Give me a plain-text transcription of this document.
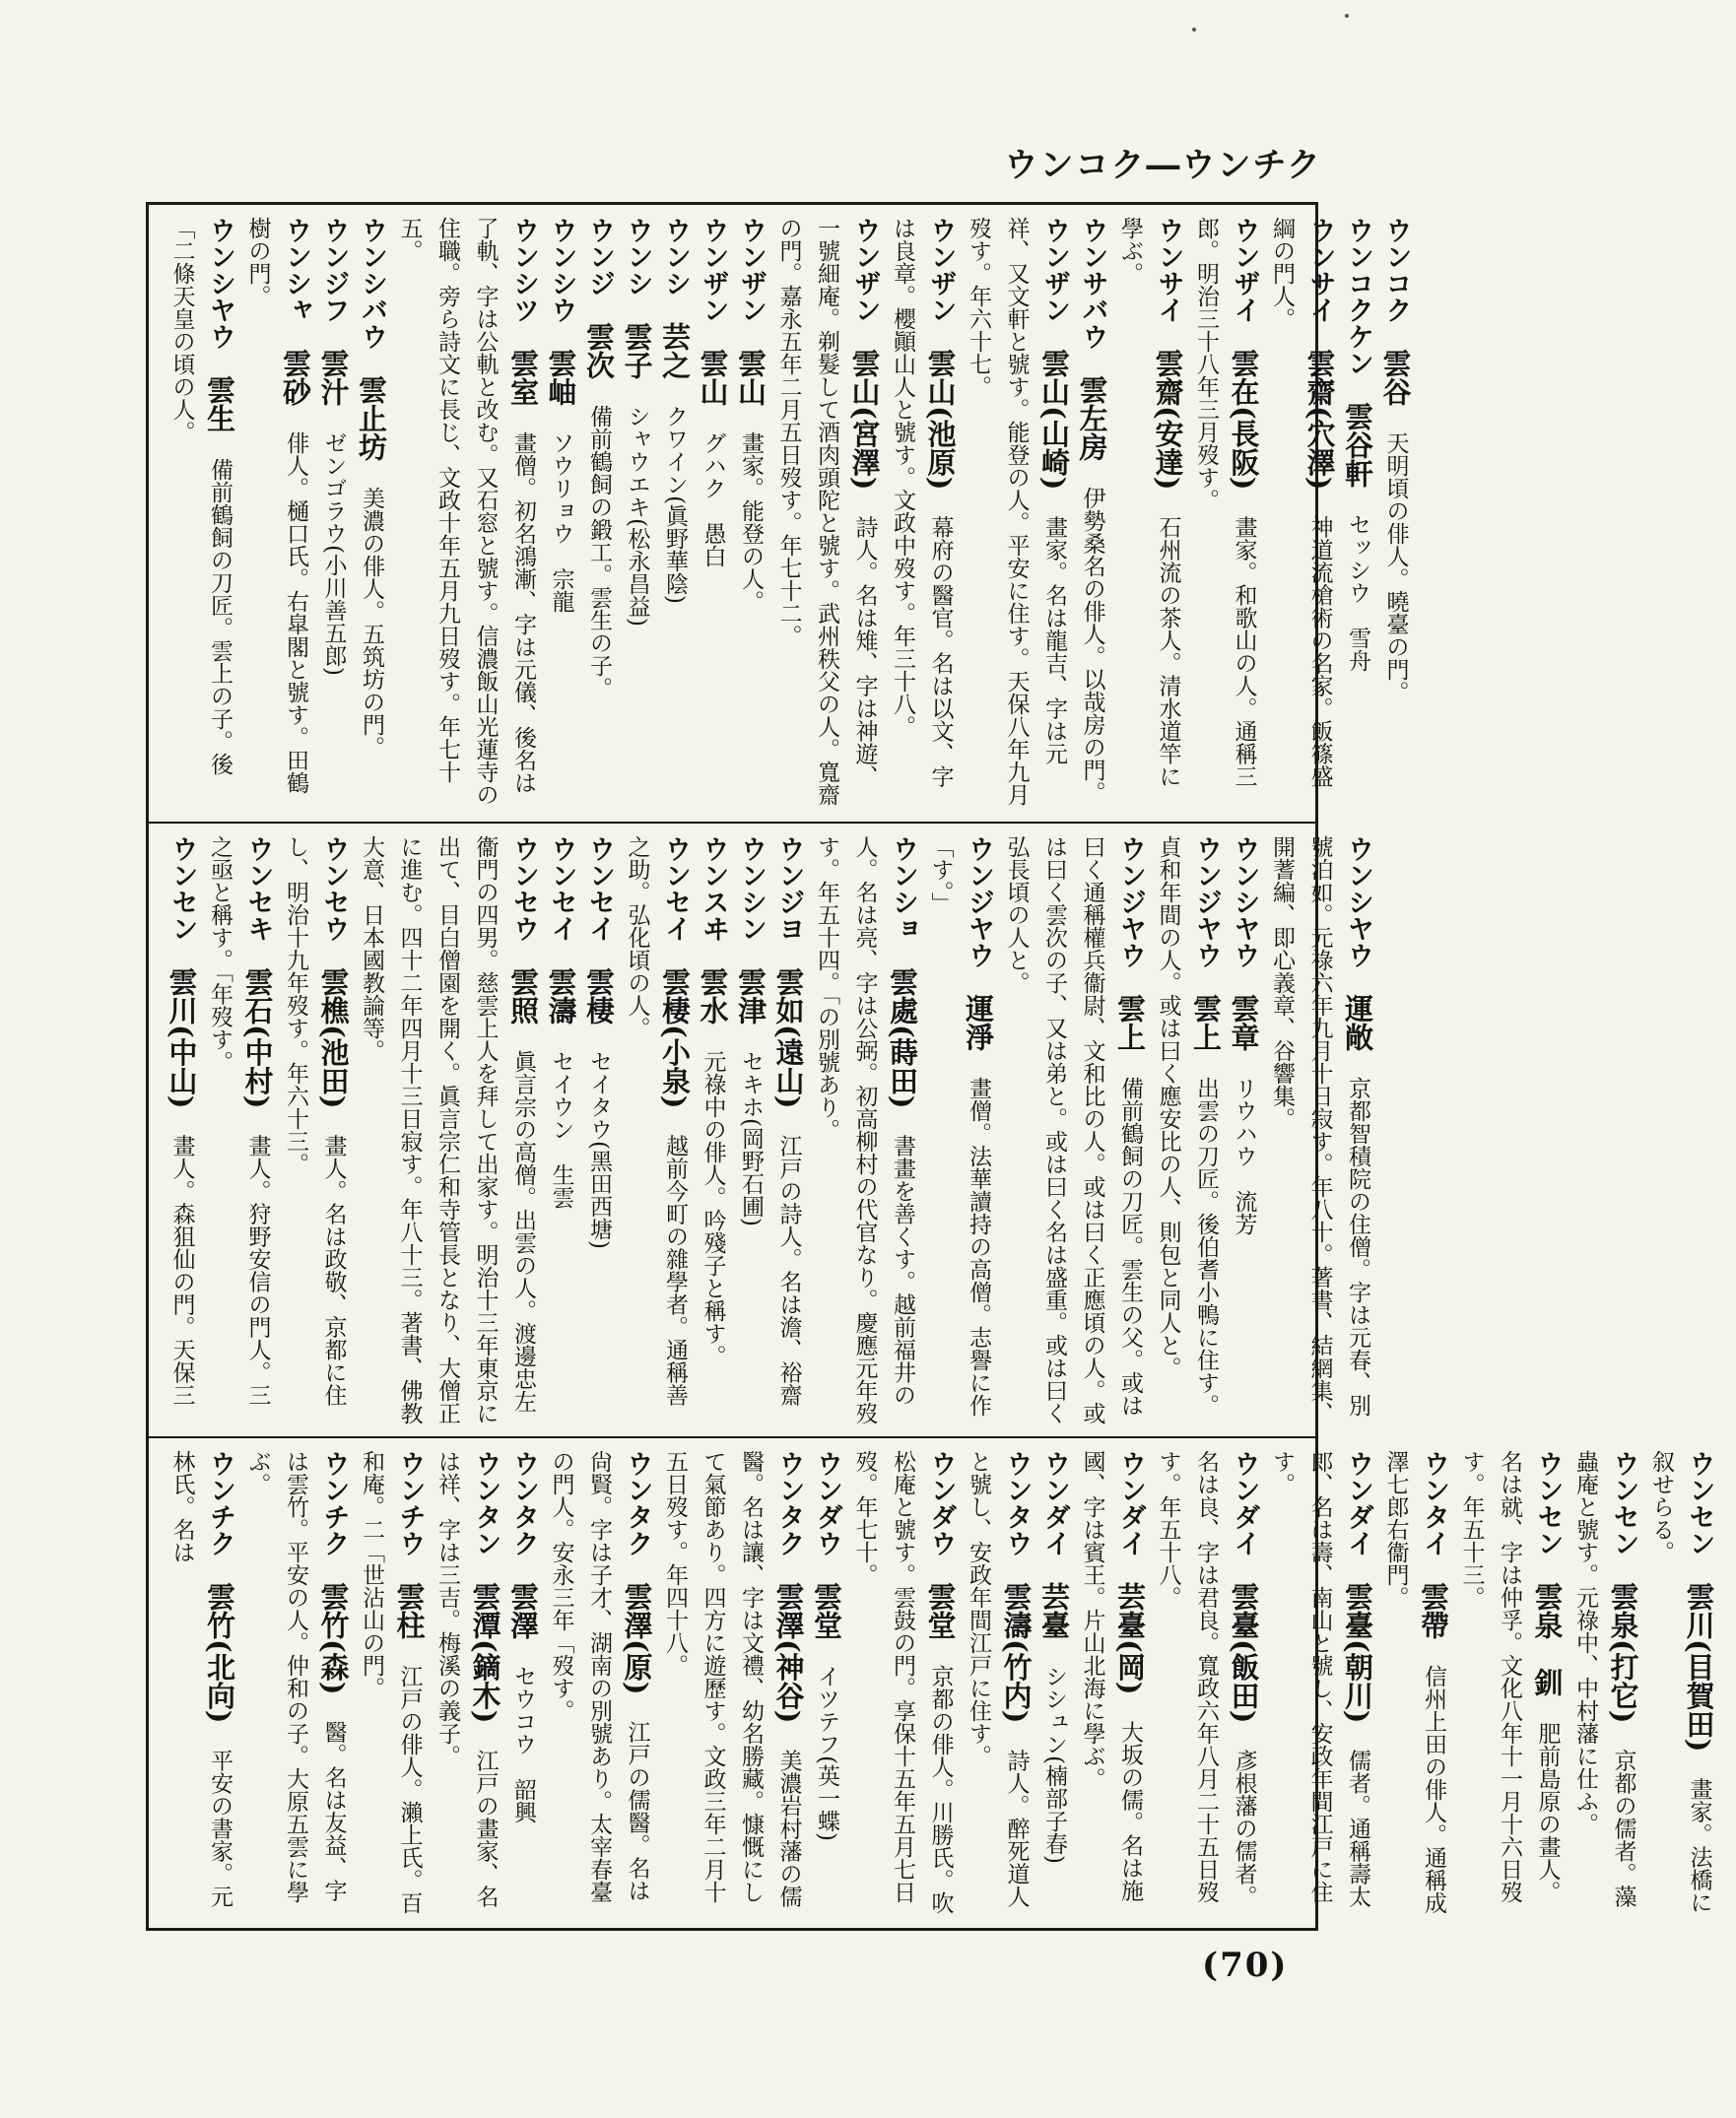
ウンコク―ウンチク
ウンコク　雲谷　天明頃の俳人。曉臺の門。
ウンコクケン　雲谷軒　セッシウ　雪舟
ウンサイ　雲齋(穴澤)　神道流槍術の名家。飯篠盛綱の門人。
ウンザイ　雲在(長阪)　畫家。和歌山の人。通稱三郎。明治三十八年三月歿す。
ウンサイ　雲齋(安達)　石州流の茶人。清水道竿に學ぶ。
ウンサバウ　雲左房　伊勢桑名の俳人。以哉房の門。
ウンザン　雲山(山崎)　畫家。名は龍吉、字は元祥、又文軒と號す。能登の人。平安に住す。天保八年九月歿す。年六十七。
ウンザン　雲山(池原)　幕府の醫官。名は以文、字は良章。櫻顚山人と號す。文政中歿す。年三十八。
ウンザン　雲山(宮澤)　詩人。名は雉、字は神遊、一號細庵。剃髮して酒肉頭陀と號す。武州秩父の人。寬齋の門。嘉永五年二月五日歿す。年七十二。
ウンザン　雲山　畫家。能登の人。
ウンザン　雲山　グハク　愚白
ウンシ　芸之　クワイン(眞野華陰)
ウンシ　雲子　シャウエキ(松永昌益)
ウンジ　雲次　備前鶴飼の鍛工。雲生の子。
ウンシウ　雲岫　ソウリョウ　宗龍
ウンシツ　雲室　畫僧。初名鴻漸、字は元儀、後名は了軌、字は公軌と改む。又石窓と號す。信濃飯山光蓮寺の住職。旁ら詩文に長じ、文政十年五月九日歿す。年七十五。
ウンシバウ　雲止坊　美濃の俳人。五筑坊の門。
ウンジフ　雲汁　ゼンゴラウ(小川善五郎)
ウンシャ　雲砂　俳人。樋口氏。右皐閣と號す。田鶴樹の門。
ウンシヤウ　雲生　備前鶴飼の刀匠。雲上の子。後「二條天皇の頃の人。
ウンシヤウ　運敞　京都智積院の住僧。字は元春、別號泊如。元祿六年九月十日寂す。年八十。著書、結網集、開蓍編、即心義章、谷響集。
ウンシヤウ　雲章　リウハウ　流芳
ウンジヤウ　雲上　出雲の刀匠。後伯耆小鴨に住す。貞和年間の人。或は曰く應安比の人、則包と同人と。
ウンジヤウ　雲上　備前鶴飼の刀匠。雲生の父。或は曰く通稱權兵衞尉、文和比の人。或は曰く正應頃の人。或は曰く雲次の子、又は弟と。或は曰く名は盛重。或は曰く弘長頃の人と。
ウンジヤウ　運淨　畫僧。法華讀持の高僧。志譽に作「す。」
ウンショ　雲處(蒔田)　書畫を善くす。越前福井の人。名は亮、字は公弼。初高柳村の代官なり。慶應元年歿す。年五十四。「の別號あり。
ウンジヨ　雲如(遠山)　江戸の詩人。名は澹、裕齋
ウンシン　雲津　セキホ(岡野石圃)
ウンスヰ　雲水　元祿中の俳人。吟殘子と稱す。
ウンセイ　雲棲(小泉)　越前今町の雜學者。通稱善之助。弘化頃の人。
ウンセイ　雲棲　セイタウ(黑田西塘)
ウンセイ　雲濤　セイウン　生雲
ウンセウ　雲照　眞言宗の高僧。出雲の人。渡邊忠左衞門の四男。慈雲上人を拜して出家す。明治十三年東京に出て、目白僧園を開く。眞言宗仁和寺管長となり、大僧正に進む。四十二年四月十三日寂す。年八十三。著書、佛教大意、日本國教論等。
ウンセウ　雲樵(池田)　畫人。名は政敬、京都に住し、明治十九年歿す。年六十三。
ウンセキ　雲石(中村)　畫人。狩野安信の門人。三之亟と稱す。「年歿す。
ウンセン　雲川(中山)　畫人。森狙仙の門。天保三
ウンセン　雲川(目賀田)　畫家。法橋に叙せらる。
ウンセン　雲泉(打它)　京都の儒者。藻蟲庵と號す。元祿中、中村藩に仕ふ。
ウンセン　雲泉　釧　肥前島原の畫人。名は就、字は仲孚。文化八年十一月十六日歿す。年五十三。
ウンタイ　雲帶　信州上田の俳人。通稱成澤七郎右衞門。
ウンダイ　雲臺(朝川)　儒者。通稱壽太郎、名は壽、南山と號し、安政年間江戸に住す。
ウンダイ　雲臺(飯田)　彥根藩の儒者。名は良、字は君良。寬政六年八月二十五日歿す。年五十八。
ウンダイ　芸臺(岡)　大坂の儒。名は施國、字は賓王。片山北海に學ぶ。
ウンダイ　芸臺　シシュン(楠部子春)
ウンタウ　雲濤(竹内)　詩人。醉死道人と號し、安政年間江戸に住す。
ウンダウ　雲堂　京都の俳人。川勝氏。吹松庵と號す。雲鼓の門。享保十五年五月七日歿。年七十。
ウンダウ　雲堂　イツテフ(英一蝶)
ウンタク　雲澤(神谷)　美濃岩村藩の儒醫。名は讓、字は文禮、幼名勝藏。慷慨にして氣節あり。四方に遊歷す。文政三年二月十五日歿す。年四十八。
ウンタク　雲澤(原)　江戸の儒醫。名は尙賢。字は子才、湖南の別號あり。太宰春臺の門人。安永三年「歿す。
ウンタク　雲澤　セウコウ　韶興
ウンタン　雲潭(鏑木)　江戸の畫家、名は祥、字は三吉。梅溪の義子。
ウンチウ　雲柱　江戸の俳人。瀨上氏。百和庵。二「世沾山の門。
ウンチク　雲竹(森)　醫。名は友益、字は雲竹。平安の人。仲和の子。大原五雲に學ぶ。
ウンチク　雲竹(北向)　平安の書家。元林氏。名は
(70)
